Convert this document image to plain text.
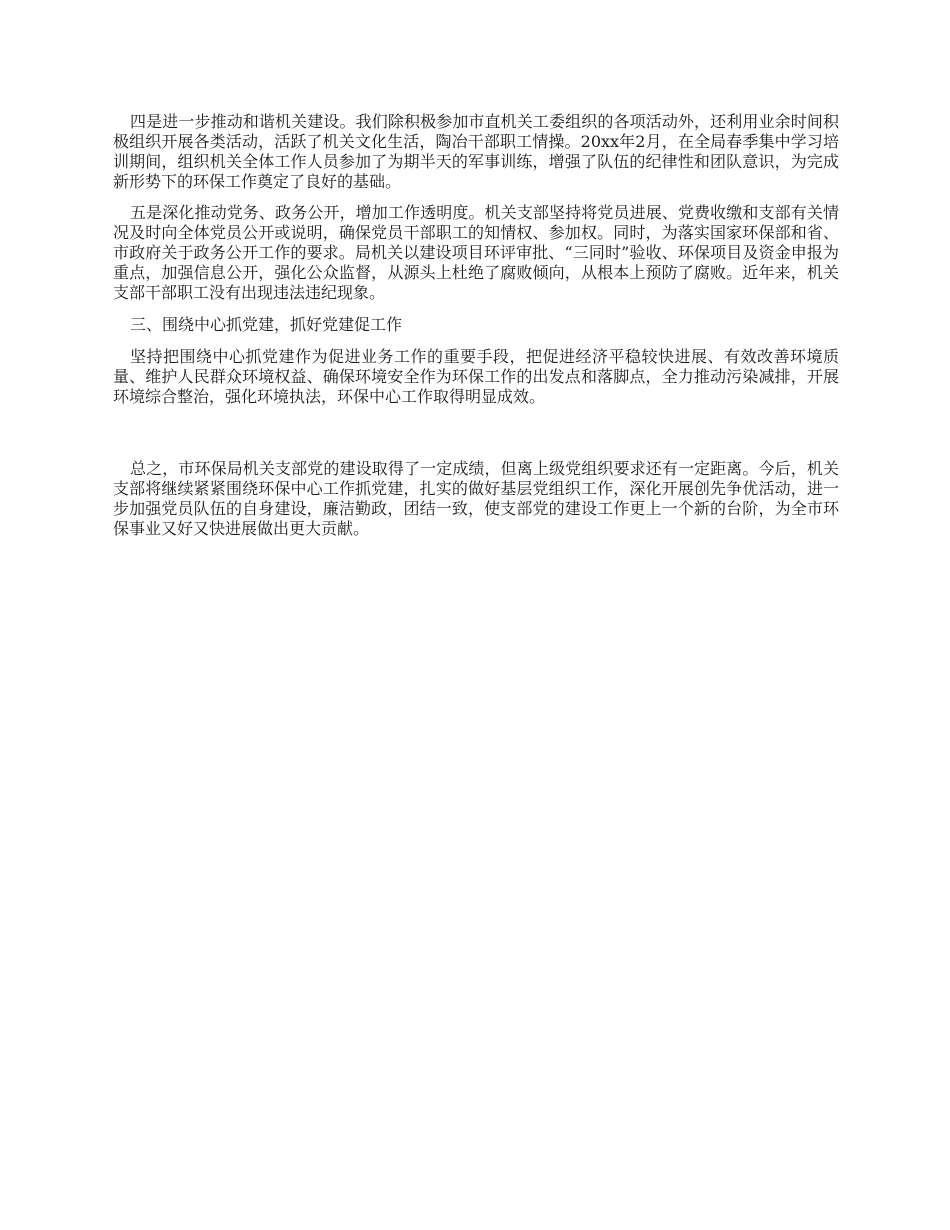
四是进一步推动和谐机关建设。我们除积极参加市直机关工委组织的各项活动外，还利用业余时间积极组织开展各类活动，活跃了机关文化生活，陶冶干部职工情操。20xx年2月，在全局春季集中学习培训期间，组织机关全体工作人员参加了为期半天的军事训练，增强了队伍的纪律性和团队意识，为完成新形势下的环保工作奠定了良好的基础。

五是深化推动党务、政务公开，增加工作透明度。机关支部坚持将党员进展、党费收缴和支部有关情况及时向全体党员公开或说明，确保党员干部职工的知情权、参加权。同时，为落实国家环保部和省、市政府关于政务公开工作的要求。局机关以建设项目环评审批、“三同时”验收、环保项目及资金申报为重点，加强信息公开，强化公众监督，从源头上杜绝了腐败倾向，从根本上预防了腐败。近年来，机关支部干部职工没有出现违法违纪现象。

三、围绕中心抓党建，抓好党建促工作

坚持把围绕中心抓党建作为促进业务工作的重要手段，把促进经济平稳较快进展、有效改善环境质量、维护人民群众环境权益、确保环境安全作为环保工作的出发点和落脚点，全力推动污染减排，开展环境综合整治，强化环境执法，环保中心工作取得明显成效。

总之，市环保局机关支部党的建设取得了一定成绩，但离上级党组织要求还有一定距离。今后，机关支部将继续紧紧围绕环保中心工作抓党建，扎实的做好基层党组织工作，深化开展创先争优活动，进一步加强党员队伍的自身建设，廉洁勤政，团结一致，使支部党的建设工作更上一个新的台阶，为全市环保事业又好又快进展做出更大贡献。
